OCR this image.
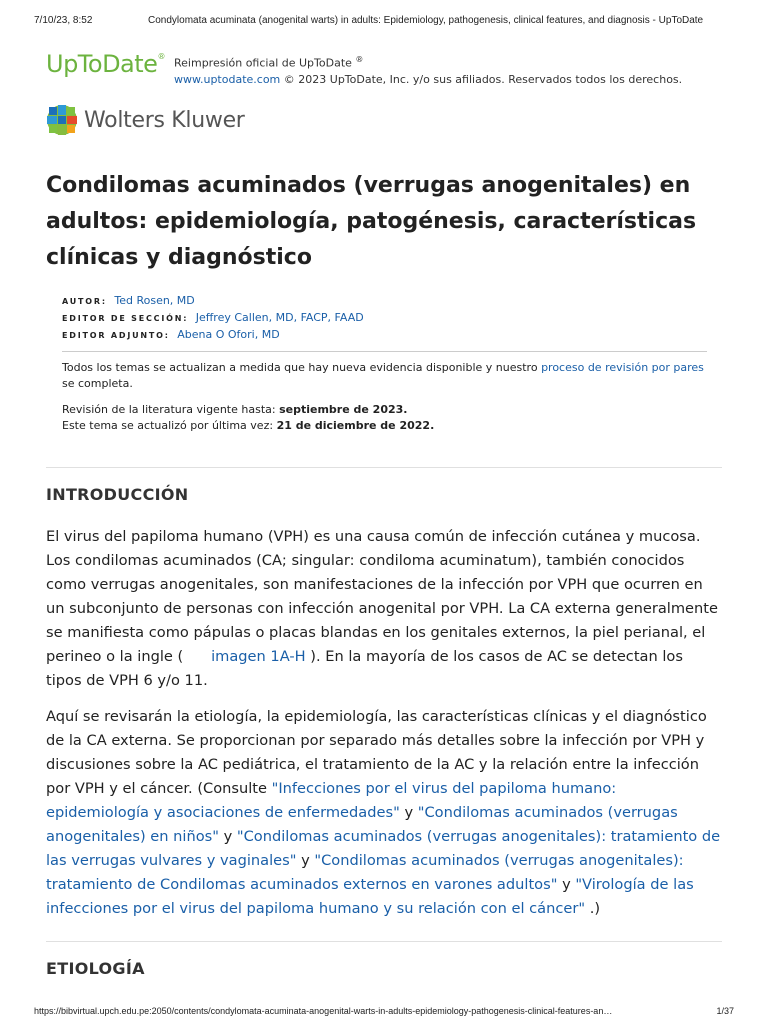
7/10/23, 8:52	Condylomata acuminata (anogenital warts) in adults: Epidemiology, pathogenesis, clinical features, and diagnosis - UpToDate
UpToDate®
Reimpresión oficial de UpToDate ®
www.uptodate.com © 2023 UpToDate, Inc. y/o sus afiliados. Reservados todos los derechos.
Wolters Kluwer
Condilomas acuminados (verrugas anogenitales) en adultos: epidemiología, patogénesis, características clínicas y diagnóstico
AUTOR: Ted Rosen, MD
EDITOR DE SECCIÓN: Jeffrey Callen, MD, FACP, FAAD
EDITOR ADJUNTO: Abena O Ofori, MD
Todos los temas se actualizan a medida que hay nueva evidencia disponible y nuestro proceso de revisión por pares
se completa.
Revisión de la literatura vigente hasta: septiembre de 2023.
Este tema se actualizó por última vez: 21 de diciembre de 2022.
INTRODUCCIÓN

El virus del papiloma humano (VPH) es una causa común de infección cutánea y mucosa. Los condilomas acuminados (CA; singular: condiloma acuminatum), también conocidos como verrugas anogenitales, son manifestaciones de la infección por VPH que ocurren en un subconjunto de personas con infección anogenital por VPH. La CA externa generalmente se manifiesta como pápulas o placas blandas en los genitales externos, la piel perianal, el perineo o la ingle ( imagen 1A-H ). En la mayoría de los casos de AC se detectan los tipos de VPH 6 y/o 11.

Aquí se revisarán la etiología, la epidemiología, las características clínicas y el diagnóstico de la CA externa. Se proporcionan por separado más detalles sobre la infección por VPH y discusiones sobre la AC pediátrica, el tratamiento de la AC y la relación entre la infección por VPH y el cáncer. (Consulte "Infecciones por el virus del papiloma humano: epidemiología y asociaciones de enfermedades" y "Condilomas acuminados (verrugas anogenitales) en niños" y "Condilomas acuminados (verrugas anogenitales): tratamiento de las verrugas vulvares y vaginales" y "Condilomas acuminados (verrugas anogenitales): tratamiento de Condilomas acuminados externos en varones adultos" y "Virología de las infecciones por el virus del papiloma humano y su relación con el cáncer" .)

ETIOLOGÍA
https://bibvirtual.upch.edu.pe:2050/contents/condylomata-acuminata-anogenital-warts-in-adults-epidemiology-pathogenesis-clinical-features-an…	1/37
